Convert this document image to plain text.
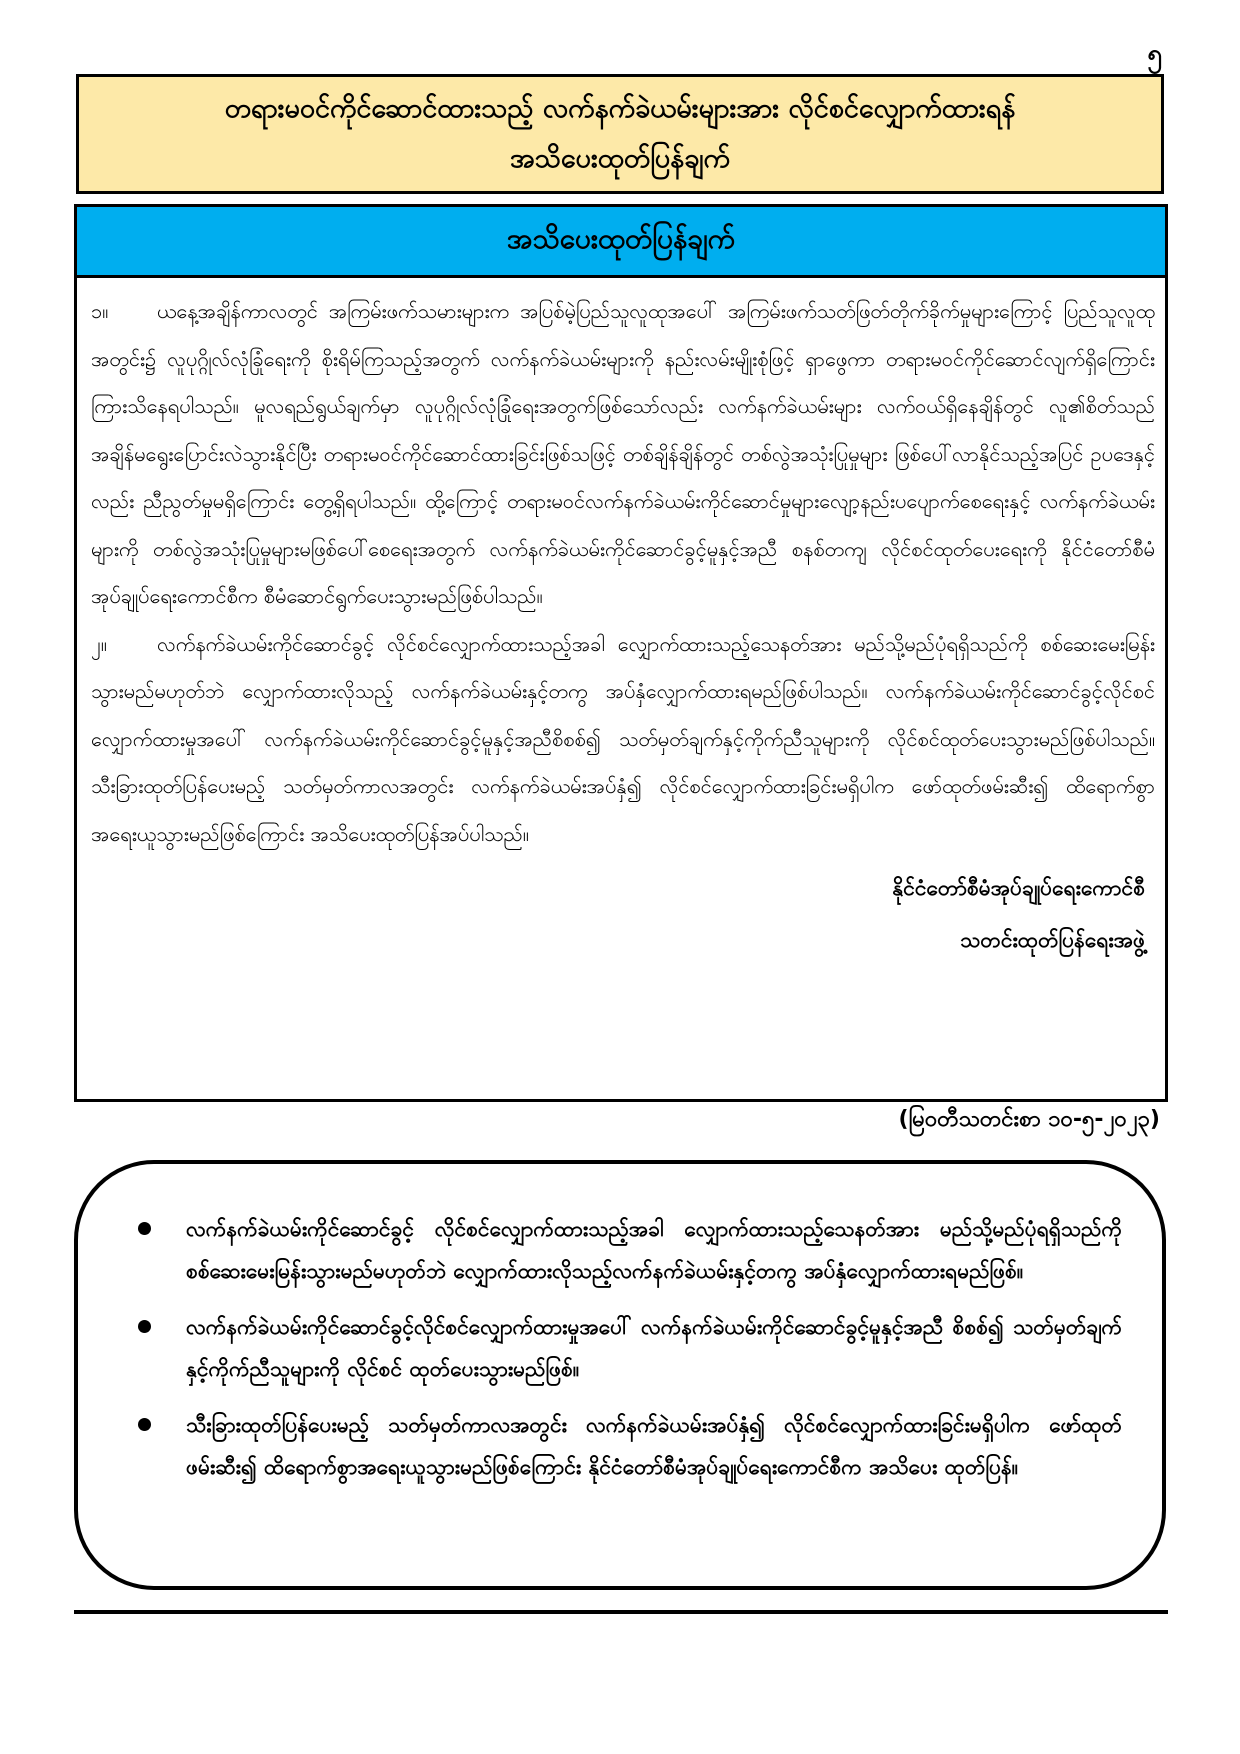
၅
တရားမဝင်ကိုင်ဆောင်ထားသည့် လက်နက်ခဲယမ်းများအား လိုင်စင်လျှောက်ထားရန်
အသိပေးထုတ်ပြန်ချက်
အသိပေးထုတ်ပြန်ချက်

၁။ ယနေ့အချိန်ကာလတွင် အကြမ်းဖက်သမားများက အပြစ်မဲ့ပြည်သူလူထုအပေါ် အကြမ်းဖက်သတ်ဖြတ်တိုက်ခိုက်မှုများကြောင့် ပြည်သူလူထုအတွင်း၌ လူပုဂ္ဂိုလ်လုံခြုံရေးကို စိုးရိမ်ကြသည့်အတွက် လက်နက်ခဲယမ်းများကို နည်းလမ်းမျိုးစုံဖြင့် ရှာဖွေကာ တရားမဝင်ကိုင်ဆောင်လျက်ရှိကြောင်း ကြားသိနေရပါသည်။ မူလရည်ရွယ်ချက်မှာ လူပုဂ္ဂိုလ်လုံခြုံရေးအတွက်ဖြစ်သော်လည်း လက်နက်ခဲယမ်းများ လက်ဝယ်ရှိနေချိန်တွင် လူ၏စိတ်သည် အချိန်မရွေးပြောင်းလဲသွားနိုင်ပြီး တရားမဝင်ကိုင်ဆောင်ထားခြင်းဖြစ်သဖြင့် တစ်ချိန်ချိန်တွင် တစ်လွဲအသုံးပြုမှုများ ဖြစ်ပေါ်လာနိုင်သည့်အပြင် ဥပဒေနှင့်လည်း ညီညွတ်မှုမရှိကြောင်း တွေ့ရှိရပါသည်။ ထို့ကြောင့် တရားမဝင်လက်နက်ခဲယမ်းကိုင်ဆောင်မှုများလျော့နည်းပပျောက်စေရေးနှင့် လက်နက်ခဲယမ်းများကို တစ်လွဲအသုံးပြုမှုများမဖြစ်ပေါ်စေရေးအတွက် လက်နက်ခဲယမ်းကိုင်ဆောင်ခွင့်မူနှင့်အညီ စနစ်တကျ လိုင်စင်ထုတ်ပေးရေးကို နိုင်ငံတော်စီမံအုပ်ချုပ်ရေးကောင်စီက စီမံဆောင်ရွက်ပေးသွားမည်ဖြစ်ပါသည်။

၂။	လက်နက်ခဲယမ်းကိုင်ဆောင်ခွင့် လိုင်စင်လျှောက်ထားသည့်အခါ လျှောက်ထားသည့်သေနတ်အား မည်သို့မည်ပုံရရှိသည်ကို စစ်ဆေးမေးမြန်းသွားမည်မဟုတ်ဘဲ လျှောက်ထားလိုသည့် လက်နက်ခဲယမ်းနှင့်တကွ အပ်နှံလျှောက်ထားရမည်ဖြစ်ပါသည်။ လက်နက်ခဲယမ်းကိုင်ဆောင်ခွင့်လိုင်စင်လျှောက်ထားမှုအပေါ် လက်နက်ခဲယမ်းကိုင်ဆောင်ခွင့်မူနှင့်အညီစိစစ်၍ သတ်မှတ်ချက်နှင့်ကိုက်ညီသူများကို လိုင်စင်ထုတ်ပေးသွားမည်ဖြစ်ပါသည်။ သီးခြားထုတ်ပြန်ပေးမည့် သတ်မှတ်ကာလအတွင်း လက်နက်ခဲယမ်းအပ်နှံ၍ လိုင်စင်လျှောက်ထားခြင်းမရှိပါက ဖော်ထုတ်ဖမ်းဆီး၍ ထိရောက်စွာအရေးယူသွားမည်ဖြစ်ကြောင်း အသိပေးထုတ်ပြန်အပ်ပါသည်။

နိုင်ငံတော်စီမံအုပ်ချုပ်ရေးကောင်စီ
သတင်းထုတ်ပြန်ရေးအဖွဲ့
(မြဝတီသတင်းစာ ၁၀-၅-၂၀၂၃)
လက်နက်ခဲယမ်းကိုင်ဆောင်ခွင့် လိုင်စင်လျှောက်ထားသည့်အခါ လျှောက်ထားသည့်သေနတ်အား မည်သို့မည်ပုံရရှိသည်ကို စစ်ဆေးမေးမြန်းသွားမည်မဟုတ်ဘဲ လျှောက်ထားလိုသည့်လက်နက်ခဲယမ်းနှင့်တကွ အပ်နှံလျှောက်ထားရမည်ဖြစ်။
လက်နက်ခဲယမ်းကိုင်ဆောင်ခွင့်လိုင်စင်လျှောက်ထားမှုအပေါ် လက်နက်ခဲယမ်းကိုင်ဆောင်ခွင့်မူနှင့်အညီ စိစစ်၍ သတ်မှတ်ချက်နှင့်ကိုက်ညီသူများကို လိုင်စင် ထုတ်ပေးသွားမည်ဖြစ်။
သီးခြားထုတ်ပြန်ပေးမည့် သတ်မှတ်ကာလအတွင်း လက်နက်ခဲယမ်းအပ်နှံ၍ လိုင်စင်လျှောက်ထားခြင်းမရှိပါက ဖော်ထုတ်ဖမ်းဆီး၍ ထိရောက်စွာအရေးယူသွားမည်ဖြစ်ကြောင်း နိုင်ငံတော်စီမံအုပ်ချုပ်ရေးကောင်စီက အသိပေး ထုတ်ပြန်။
